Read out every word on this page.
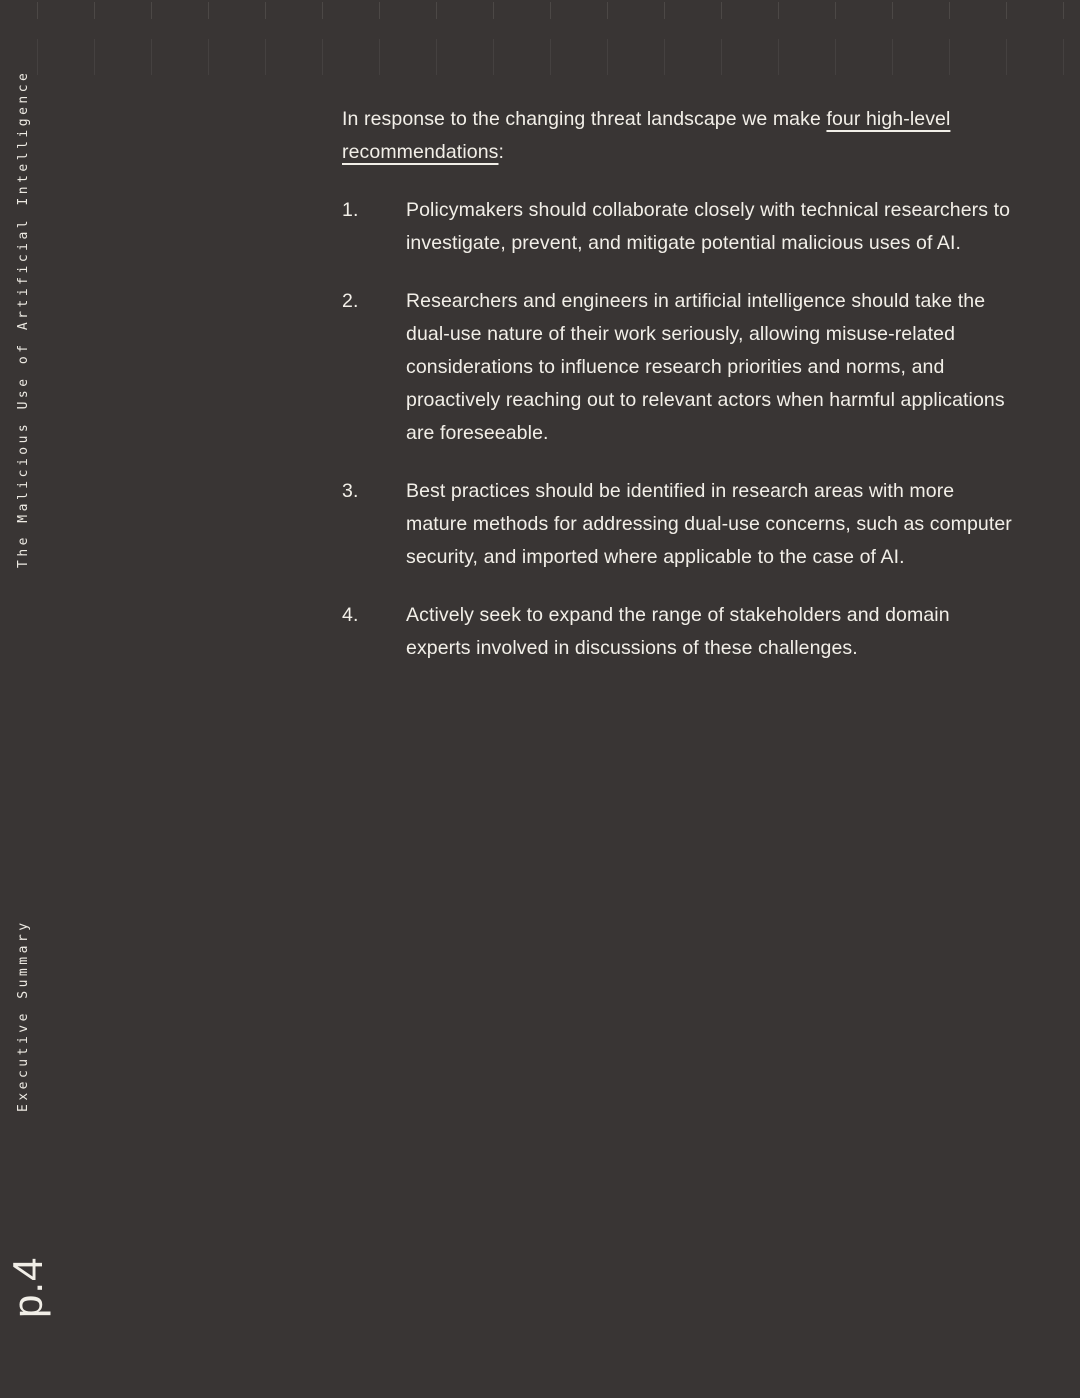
The Malicious Use of Artificial Intelligence
Executive Summary
p.4

In response to the changing threat landscape we make four high-level recommendations:

1.	Policymakers should collaborate closely with technical researchers to investigate, prevent, and mitigate potential malicious uses of AI.
2.	Researchers and engineers in artificial intelligence should take the dual-use nature of their work seriously, allowing misuse-related considerations to influence research priorities and norms, and proactively reaching out to relevant actors when harmful applications are foreseeable.
3.	Best practices should be identified in research areas with more mature methods for addressing dual-use concerns, such as computer security, and imported where applicable to the case of AI.
4.	Actively seek to expand the range of stakeholders and domain experts involved in discussions of these challenges.
